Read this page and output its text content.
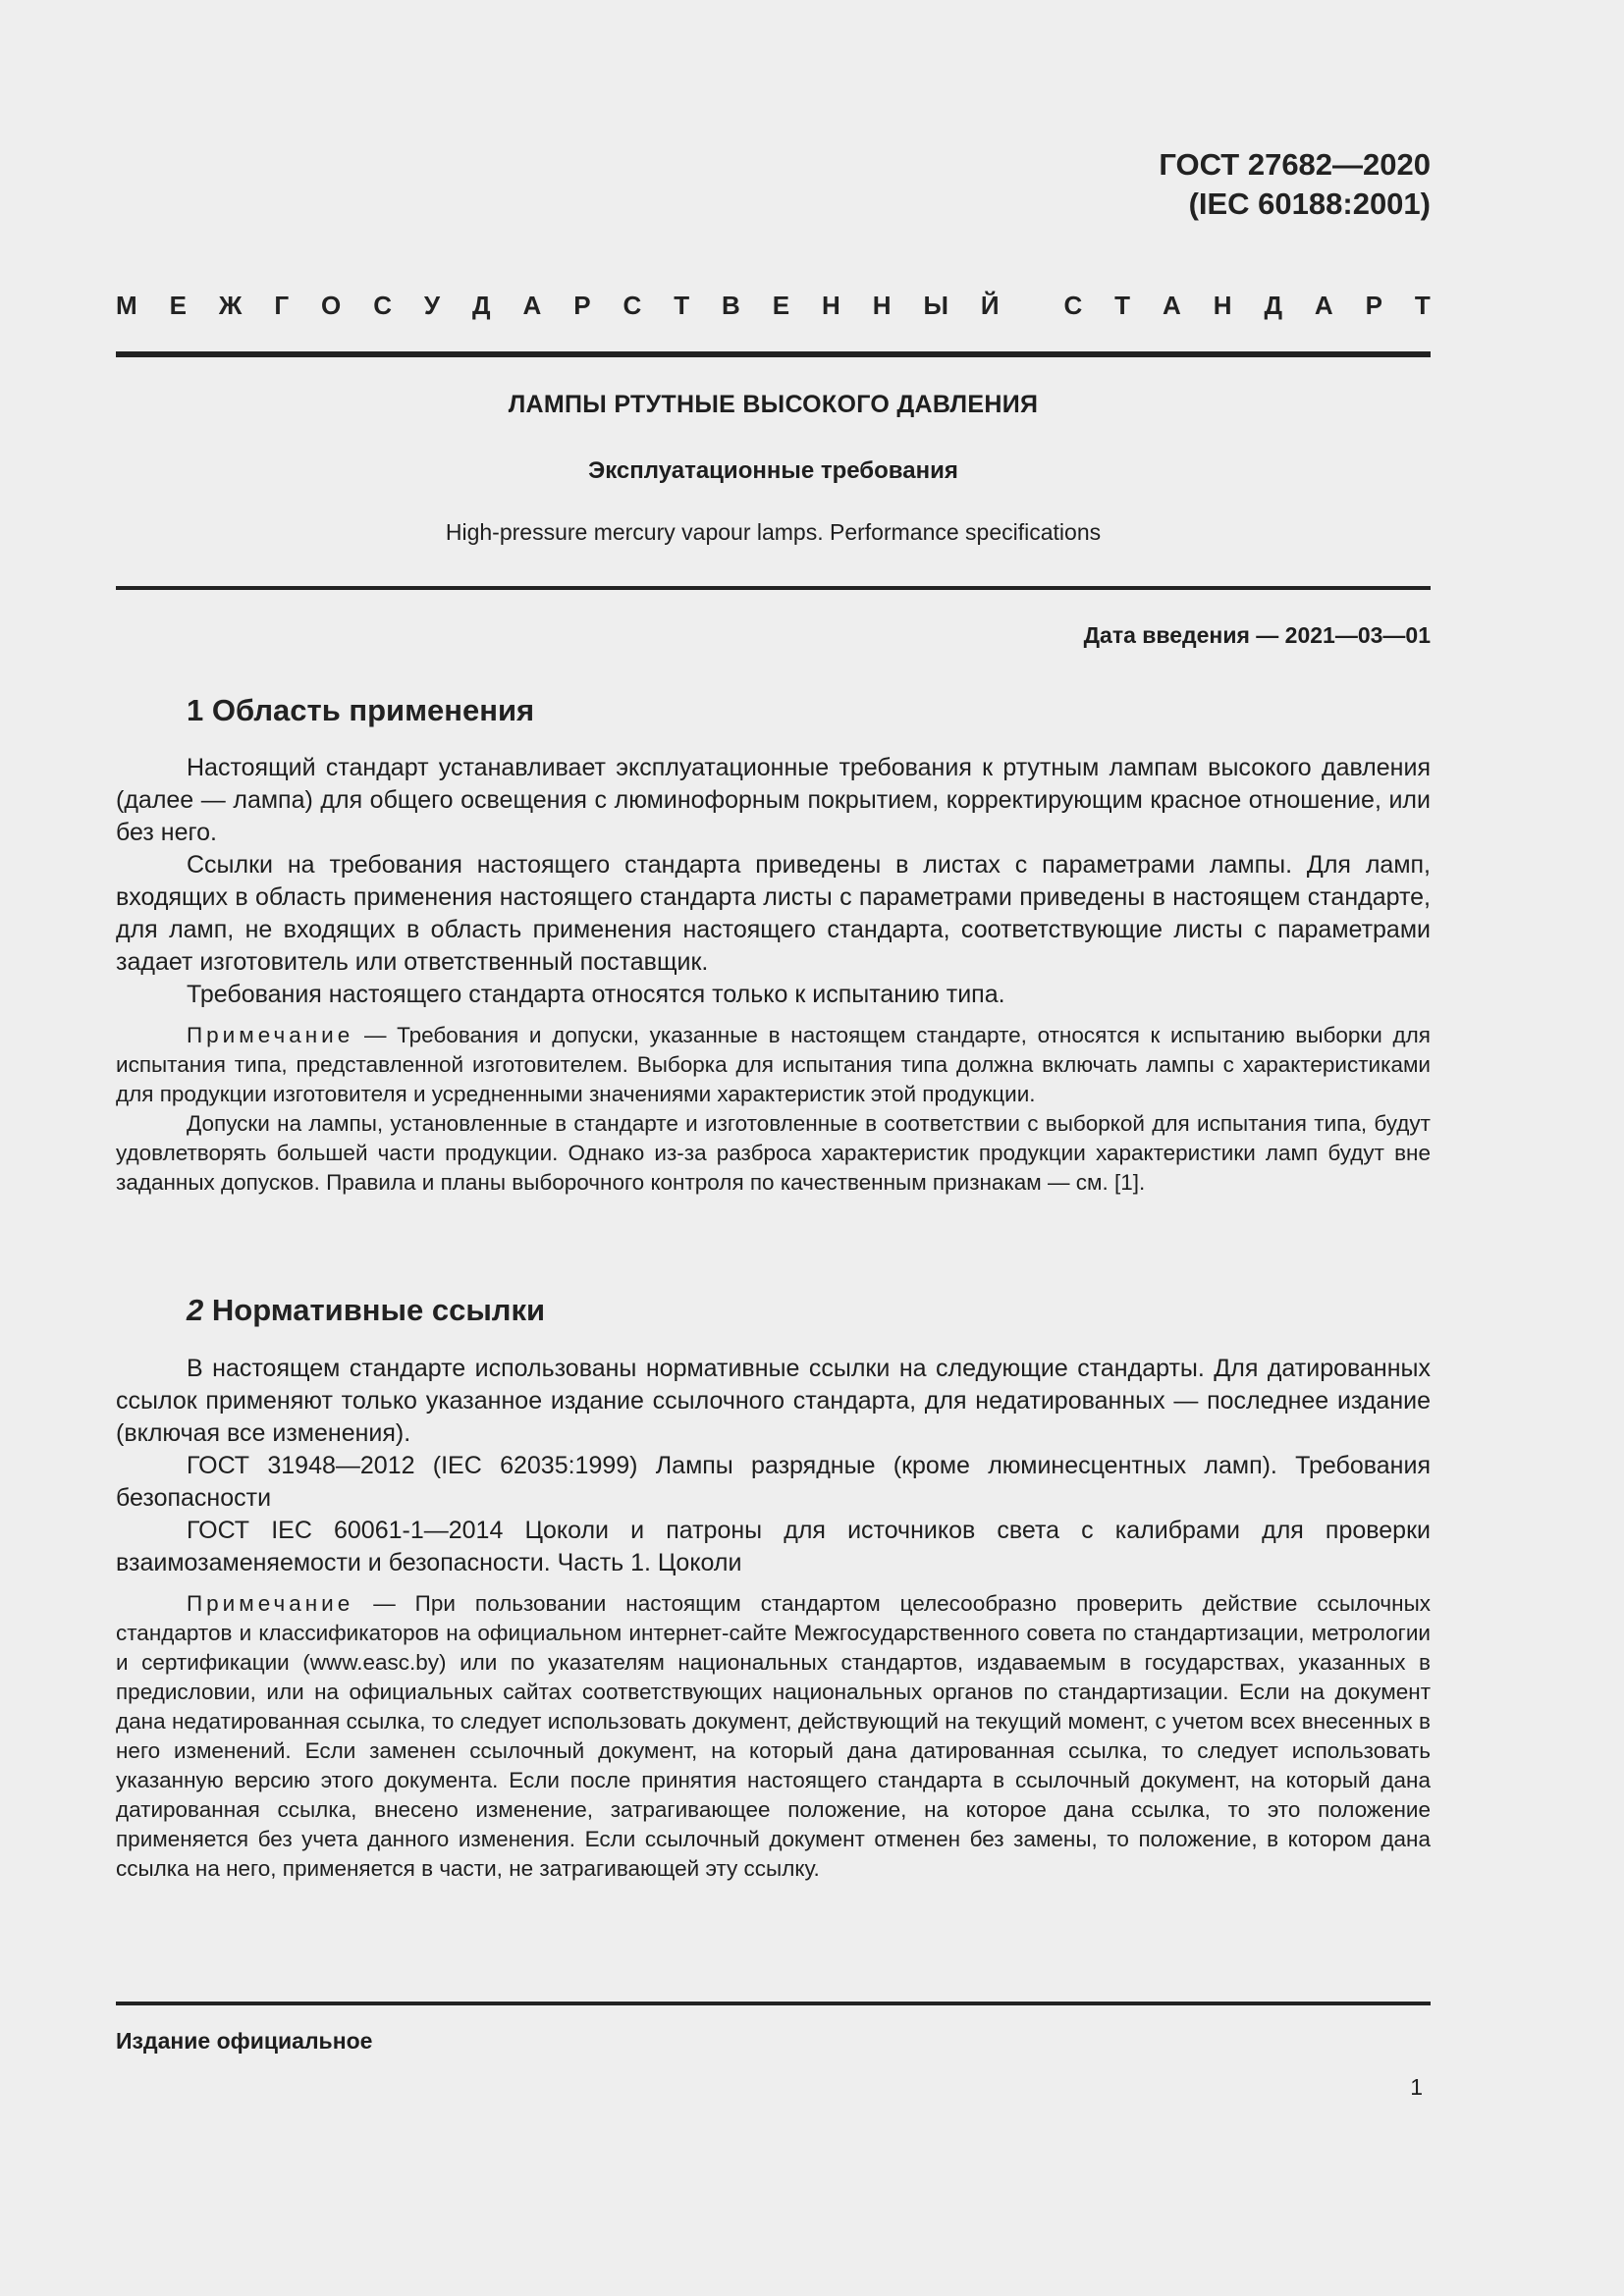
ГОСТ 27682—2020
(IEC 60188:2001)
М Е Ж Г О С У Д А Р С Т В Е Н Н Ы Й	С Т А Н Д А Р Т
ЛАМПЫ РТУТНЫЕ ВЫСОКОГО ДАВЛЕНИЯ
Эксплуатационные требования
High-pressure mercury vapour lamps. Performance specifications
Дата введения — 2021—03—01
1 Область применения

Настоящий стандарт устанавливает эксплуатационные требования к ртутным лампам высокого давления (далее — лампа) для общего освещения с люминофорным покрытием, корректирующим красное отношение, или без него.

Ссылки на требования настоящего стандарта приведены в листах с параметрами лампы. Для ламп, входящих в область применения настоящего стандарта листы с параметрами приведены в настоящем стандарте, для ламп, не входящих в область применения настоящего стандарта, соответствующие листы с параметрами задает изготовитель или ответственный поставщик.

Требования настоящего стандарта относятся только к испытанию типа.

Примечание — Требования и допуски, указанные в настоящем стандарте, относятся к испытанию выборки для испытания типа, представленной изготовителем. Выборка для испытания типа должна включать лампы с характеристиками для продукции изготовителя и усредненными значениями характеристик этой продукции.

Допуски на лампы, установленные в стандарте и изготовленные в соответствии с выборкой для испытания типа, будут удовлетворять большей части продукции. Однако из-за разброса характеристик продукции характеристики ламп будут вне заданных допусков. Правила и планы выборочного контроля по качественным признакам — см. [1].

2 Нормативные ссылки

В настоящем стандарте использованы нормативные ссылки на следующие стандарты. Для датированных ссылок применяют только указанное издание ссылочного стандарта, для недатированных — последнее издание (включая все изменения).

ГОСТ 31948—2012 (IEC 62035:1999) Лампы разрядные (кроме люминесцентных ламп). Требования безопасности

ГОСТ IEC 60061-1—2014 Цоколи и патроны для источников света с калибрами для проверки взаимозаменяемости и безопасности. Часть 1. Цоколи

Примечание — При пользовании настоящим стандартом целесообразно проверить действие ссылочных стандартов и классификаторов на официальном интернет-сайте Межгосударственного совета по стандартизации, метрологии и сертификации (www.easc.by) или по указателям национальных стандартов, издаваемым в государствах, указанных в предисловии, или на официальных сайтах соответствующих национальных органов по стандартизации. Если на документ дана недатированная ссылка, то следует использовать документ, действующий на текущий момент, с учетом всех внесенных в него изменений. Если заменен ссылочный документ, на который дана датированная ссылка, то следует использовать указанную версию этого документа. Если после принятия настоящего стандарта в ссылочный документ, на который дана датированная ссылка, внесено изменение, затрагивающее положение, на которое дана ссылка, то это положение применяется без учета данного изменения. Если ссылочный документ отменен без замены, то положение, в котором дана ссылка на него, применяется в части, не затрагивающей эту ссылку.

Издание официальное
1
